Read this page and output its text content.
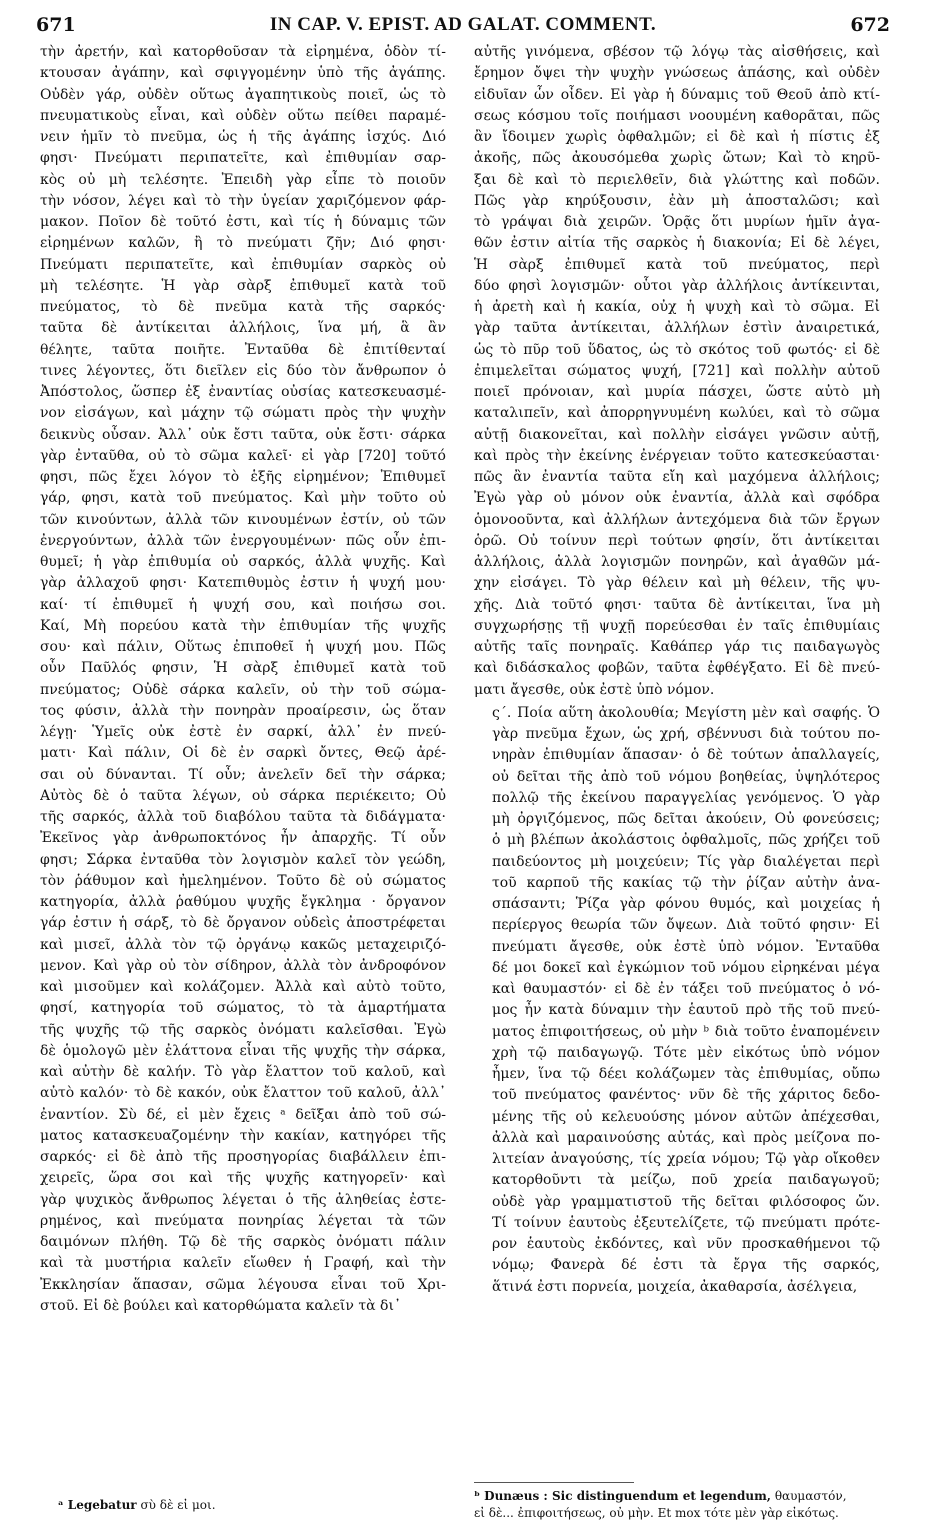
671	IN CAP. V. EPIST. AD GALAT. COMMENT.	672

τὴν ἀρετήν, καὶ κατορθοῦσαν τὰ εἰρημένα, ὁδὸν τί-
κτουσαν ἀγάπην, καὶ σφιγγομένην ὑπὸ τῆς ἀγάπης.
Οὐδὲν γάρ, οὐδὲν οὕτως ἀγαπητικοὺς ποιεῖ, ὡς τὸ
πνευματικοὺς εἶναι, καὶ οὐδὲν οὕτω πείθει παραμέ-
νειν ἡμῖν τὸ πνεῦμα, ὡς ἡ τῆς ἀγάπης ἰσχύς. Διό
φησι· Πνεύματι περιπατεῖτε, καὶ ἐπιθυμίαν σαρ-
κὸς οὐ μὴ τελέσητε. Ἐπειδὴ γὰρ εἶπε τὸ ποιοῦν
τὴν νόσον, λέγει καὶ τὸ τὴν ὑγείαν χαριζόμενον φάρ-
μακον. Ποῖον δὲ τοῦτό ἐστι, καὶ τίς ἡ δύναμις τῶν
εἰρημένων καλῶν, ἢ τὸ πνεύματι ζῆν; Διό φησι·
Πνεύματι περιπατεῖτε, καὶ ἐπιθυμίαν σαρκὸς οὐ
μὴ τελέσητε. Ἡ γὰρ σὰρξ ἐπιθυμεῖ κατὰ τοῦ
πνεύματος, τὸ δὲ πνεῦμα κατὰ τῆς σαρκός·
ταῦτα δὲ ἀντίκειται ἀλλήλοις, ἵνα μή, ἃ ἂν
θέλητε, ταῦτα ποιῆτε. Ἐνταῦθα δὲ ἐπιτίθενταί
τινες λέγοντες, ὅτι διεῖλεν εἰς δύο τὸν ἄνθρωπον ὁ
Ἀπόστολος, ὥσπερ ἐξ ἐναντίας οὐσίας κατεσκευασμέ-
νον εἰσάγων, καὶ μάχην τῷ σώματι πρὸς τὴν ψυχὴν
δεικνὺς οὖσαν. Ἀλλ᾽ οὐκ ἔστι ταῦτα, οὐκ ἔστι· σάρκα
γὰρ ἐνταῦθα, οὐ τὸ σῶμα καλεῖ· εἰ γὰρ [720] τοῦτό
φησι, πῶς ἔχει λόγον τὸ ἑξῆς εἰρημένον; Ἐπιθυμεῖ
γάρ, φησι, κατὰ τοῦ πνεύματος. Καὶ μὴν τοῦτο οὐ
τῶν κινούντων, ἀλλὰ τῶν κινουμένων ἐστίν, οὐ τῶν
ἐνεργούντων, ἀλλὰ τῶν ἐνεργουμένων· πῶς οὖν ἐπι-
θυμεῖ; ἡ γὰρ ἐπιθυμία οὐ σαρκός, ἀλλὰ ψυχῆς. Καὶ
γὰρ ἀλλαχοῦ φησι· Κατεπιθυμὸς ἐστιν ἡ ψυχή μου·
καί· τί ἐπιθυμεῖ ἡ ψυχή σου, καὶ ποιήσω σοι.
Καί, Μὴ πορεύου κατὰ τὴν ἐπιθυμίαν τῆς ψυχῆς
σου· καὶ πάλιν, Οὕτως ἐπιποθεῖ ἡ ψυχή μου. Πῶς
οὖν Παῦλός φησιν, Ἡ σὰρξ ἐπιθυμεῖ κατὰ τοῦ
πνεύματος; Οὐδὲ σάρκα καλεῖν, οὐ τὴν τοῦ σώμα-
τος φύσιν, ἀλλὰ τὴν πονηρὰν προαίρεσιν, ὡς ὅταν
λέγῃ· Ὑμεῖς οὐκ ἐστὲ ἐν σαρκί, ἀλλ᾽ ἐν πνεύ-
ματι· Καὶ πάλιν, Οἱ δὲ ἐν σαρκὶ ὄντες, Θεῷ ἀρέ-
σαι οὐ δύνανται. Τί οὖν; ἀνελεῖν δεῖ τὴν σάρκα;
Αὐτὸς δὲ ὁ ταῦτα λέγων, οὐ σάρκα περιέκειτο; Οὐ
τῆς σαρκός, ἀλλὰ τοῦ διαβόλου ταῦτα τὰ διδάγματα·
Ἐκεῖνος γὰρ ἀνθρωποκτόνος ἦν ἀπαρχῆς. Τί οὖν
φησι; Σάρκα ἐνταῦθα τὸν λογισμὸν καλεῖ τὸν γεώδη,
τὸν ῥάθυμον καὶ ἠμελημένον. Τοῦτο δὲ οὐ σώματος
κατηγορία, ἀλλὰ ῥαθύμου ψυχῆς ἔγκλημα · ὄργανον
γάρ ἐστιν ἡ σάρξ, τὸ δὲ ὄργανον οὐδεὶς ἀποστρέφεται
καὶ μισεῖ, ἀλλὰ τὸν τῷ ὀργάνῳ κακῶς μεταχειριζό-
μενον. Καὶ γὰρ οὐ τὸν σίδηρον, ἀλλὰ τὸν ἀνδροφόνον
καὶ μισοῦμεν καὶ κολάζομεν. Ἀλλὰ καὶ αὐτὸ τοῦτο,
φησί, κατηγορία τοῦ σώματος, τὸ τὰ ἁμαρτήματα
τῆς ψυχῆς τῷ τῆς σαρκὸς ὀνόματι καλεῖσθαι. Ἐγὼ
δὲ ὁμολογῶ μὲν ἐλάττονα εἶναι τῆς ψυχῆς τὴν σάρκα,
καὶ αὐτὴν δὲ καλήν. Τὸ γὰρ ἔλαττον τοῦ καλοῦ, καὶ
αὐτὸ καλόν· τὸ δὲ κακόν, οὐκ ἔλαττον τοῦ καλοῦ, ἀλλ᾽
ἐναντίον. Σὺ δέ, εἰ μὲν ἔχεις ᵃ δεῖξαι ἀπὸ τοῦ σώ-
ματος κατασκευαζομένην τὴν κακίαν, κατηγόρει τῆς
σαρκός· εἰ δὲ ἀπὸ τῆς προσηγορίας διαβάλλειν ἐπι-
χειρεῖς, ὥρα σοι καὶ τῆς ψυχῆς κατηγορεῖν· καὶ
γὰρ ψυχικὸς ἄνθρωπος λέγεται ὁ τῆς ἀληθείας ἐστε-
ρημένος, καὶ πνεύματα πονηρίας λέγεται τὰ τῶν
δαιμόνων πλήθη. Τῷ δὲ τῆς σαρκὸς ὀνόματι πάλιν
καὶ τὰ μυστήρια καλεῖν εἴωθεν ἡ Γραφή, καὶ τὴν
Ἐκκλησίαν ἅπασαν, σῶμα λέγουσα εἶναι τοῦ Χρι-
στοῦ. Εἰ δὲ βούλει καὶ κατορθώματα καλεῖν τὰ δι᾽

αὐτῆς γινόμενα, σβέσον τῷ λόγῳ τὰς αἰσθήσεις, καὶ
ἔρημον ὄψει τὴν ψυχὴν γνώσεως ἁπάσης, καὶ οὐδὲν
εἰδυῖαν ὧν οἶδεν. Εἰ γὰρ ἡ δύναμις τοῦ Θεοῦ ἀπὸ κτί-
σεως κόσμου τοῖς ποιήμασι νοουμένη καθορᾶται, πῶς
ἂν ἴδοιμεν χωρὶς ὀφθαλμῶν; εἰ δὲ καὶ ἡ πίστις ἐξ
ἀκοῆς, πῶς ἀκουσόμεθα χωρὶς ὤτων; Καὶ τὸ κηρῦ-
ξαι δὲ καὶ τὸ περιελθεῖν, διὰ γλώττης καὶ ποδῶν.
Πῶς γὰρ κηρύξουσιν, ἐὰν μὴ ἀποσταλῶσι; καὶ
τὸ γράψαι διὰ χειρῶν. Ὁρᾷς ὅτι μυρίων ἡμῖν ἀγα-
θῶν ἐστιν αἰτία τῆς σαρκὸς ἡ διακονία; Εἰ δὲ λέγει,
Ἡ σὰρξ ἐπιθυμεῖ κατὰ τοῦ πνεύματος, περὶ
δύο φησὶ λογισμῶν· οὗτοι γὰρ ἀλλήλοις ἀντίκεινται,
ἡ ἀρετὴ καὶ ἡ κακία, οὐχ ἡ ψυχὴ καὶ τὸ σῶμα. Εἰ
γὰρ ταῦτα ἀντίκειται, ἀλλήλων ἐστὶν ἀναιρετικά,
ὡς τὸ πῦρ τοῦ ὕδατος, ὡς τὸ σκότος τοῦ φωτός· εἰ δὲ
ἐπιμελεῖται σώματος ψυχή, [721] καὶ πολλὴν αὐτοῦ
ποιεῖ πρόνοιαν, καὶ μυρία πάσχει, ὥστε αὐτὸ μὴ
καταλιπεῖν, καὶ ἀπορρηγνυμένη κωλύει, καὶ τὸ σῶμα
αὐτῇ διακονεῖται, καὶ πολλὴν εἰσάγει γνῶσιν αὐτῇ,
καὶ πρὸς τὴν ἐκείνης ἐνέργειαν τοῦτο κατεσκεύασται·
πῶς ἂν ἐναντία ταῦτα εἴη καὶ μαχόμενα ἀλλήλοις;
Ἐγὼ γὰρ οὐ μόνον οὐκ ἐναντία, ἀλλὰ καὶ σφόδρα
ὁμονοοῦντα, καὶ ἀλλήλων ἀντεχόμενα διὰ τῶν ἔργων
ὁρῶ. Οὐ τοίνυν περὶ τούτων φησίν, ὅτι ἀντίκειται
ἀλλήλοις, ἀλλὰ λογισμῶν πονηρῶν, καὶ ἀγαθῶν μά-
χην εἰσάγει. Τὸ γὰρ θέλειν καὶ μὴ θέλειν, τῆς ψυ-
χῆς. Διὰ τοῦτό φησι· ταῦτα δὲ ἀντίκειται, ἵνα μὴ
συγχωρήσῃς τῇ ψυχῇ πορεύεσθαι ἐν ταῖς ἐπιθυμίαις
αὐτῆς ταῖς πονηραῖς. Καθάπερ γάρ τις παιδαγωγὸς
καὶ διδάσκαλος φοβῶν, ταῦτα ἐφθέγξατο. Εἰ δὲ πνεύ-
ματι ἄγεσθε, οὐκ ἐστὲ ὑπὸ νόμον.

ς΄. Ποία αὕτη ἀκολουθία; Μεγίστη μὲν καὶ σαφής. Ὁ
γὰρ πνεῦμα ἔχων, ὡς χρή, σβέννυσι διὰ τούτου πο-
νηρὰν ἐπιθυμίαν ἅπασαν· ὁ δὲ τούτων ἀπαλλαγείς,
οὐ δεῖται τῆς ἀπὸ τοῦ νόμου βοηθείας, ὑψηλότερος
πολλῷ τῆς ἐκείνου παραγγελίας γενόμενος. Ὁ γὰρ
μὴ ὀργιζόμενος, πῶς δεῖται ἀκούειν, Οὐ φονεύσεις;
ὁ μὴ βλέπων ἀκολάστοις ὀφθαλμοῖς, πῶς χρήζει τοῦ
παιδεύοντος μὴ μοιχεύειν; Τίς γὰρ διαλέγεται περὶ
τοῦ καρποῦ τῆς κακίας τῷ τὴν ῥίζαν αὐτὴν ἀνα-
σπάσαντι; Ῥίζα γὰρ φόνου θυμός, καὶ μοιχείας ἡ
περίεργος θεωρία τῶν ὄψεων. Διὰ τοῦτό φησιν· Εἰ
πνεύματι ἄγεσθε, οὐκ ἐστὲ ὑπὸ νόμον. Ἐνταῦθα
δέ μοι δοκεῖ καὶ ἐγκώμιον τοῦ νόμου εἰρηκέναι μέγα
καὶ θαυμαστόν· εἰ δὲ ἐν τάξει τοῦ πνεύματος ὁ νό-
μος ἦν κατὰ δύναμιν τὴν ἑαυτοῦ πρὸ τῆς τοῦ πνεύ-
ματος ἐπιφοιτήσεως, οὐ μὴν ᵇ διὰ τοῦτο ἐναπομένειν
χρὴ τῷ παιδαγωγῷ. Τότε μὲν εἰκότως ὑπὸ νόμον
ἦμεν, ἵνα τῷ δέει κολάζωμεν τὰς ἐπιθυμίας, οὔπω
τοῦ πνεύματος φανέντος· νῦν δὲ τῆς χάριτος δεδο-
μένης τῆς οὐ κελευούσης μόνον αὐτῶν ἀπέχεσθαι,
ἀλλὰ καὶ μαραινούσης αὐτάς, καὶ πρὸς μείζονα πο-
λιτείαν ἀναγούσης, τίς χρεία νόμου; Τῷ γὰρ οἴκοθεν
κατορθοῦντι τὰ μείζω, ποῦ χρεία παιδαγωγοῦ;
οὐδὲ γὰρ γραμματιστοῦ τῆς δεῖται φιλόσοφος ὤν.
Τί τοίνυν ἑαυτοὺς ἐξευτελίζετε, τῷ πνεύματι πρότε-
ρον ἑαυτοὺς ἐκδόντες, καὶ νῦν προσκαθήμενοι τῷ
νόμῳ; Φανερὰ δέ ἐστι τὰ ἔργα τῆς σαρκός,
ἅτινά ἐστι πορνεία, μοιχεία, ἀκαθαρσία, ἀσέλγεια,

ᵃ Legebatur σὺ δὲ εἰ μοι.
ᵇ Dunæus : Sic distinguendum et legendum, θαυμαστόν,
εἰ δὲ... ἐπιφοιτήσεως, οὐ μὴν. Et mox τότε μὲν γὰρ εἰκότως.
